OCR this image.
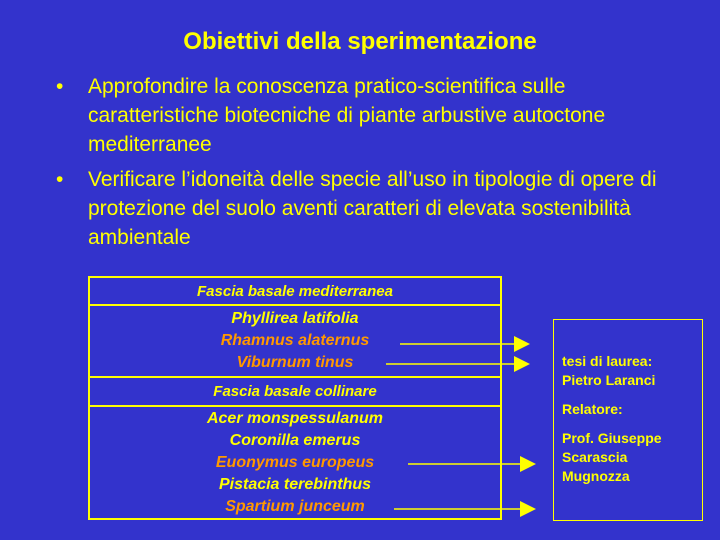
Obiettivi della sperimentazione
• Approfondire la conoscenza pratico-scientifica sulle caratteristiche biotecniche di piante arbustive autoctone mediterranee
• Verificare l’idoneità delle specie all’uso in tipologie di opere di protezione del suolo aventi caratteri di elevata sostenibilità ambientale
Fascia basale mediterranea
Phyllirea latifolia
Rhamnus alaternus
Viburnum tinus
Fascia basale collinare
Acer monspessulanum
Coronilla emerus
Euonymus europeus
Pistacia terebinthus
Spartium junceum
tesi di laurea:
Pietro Laranci
Relatore:
Prof. Giuseppe
Scarascia
Mugnozza
